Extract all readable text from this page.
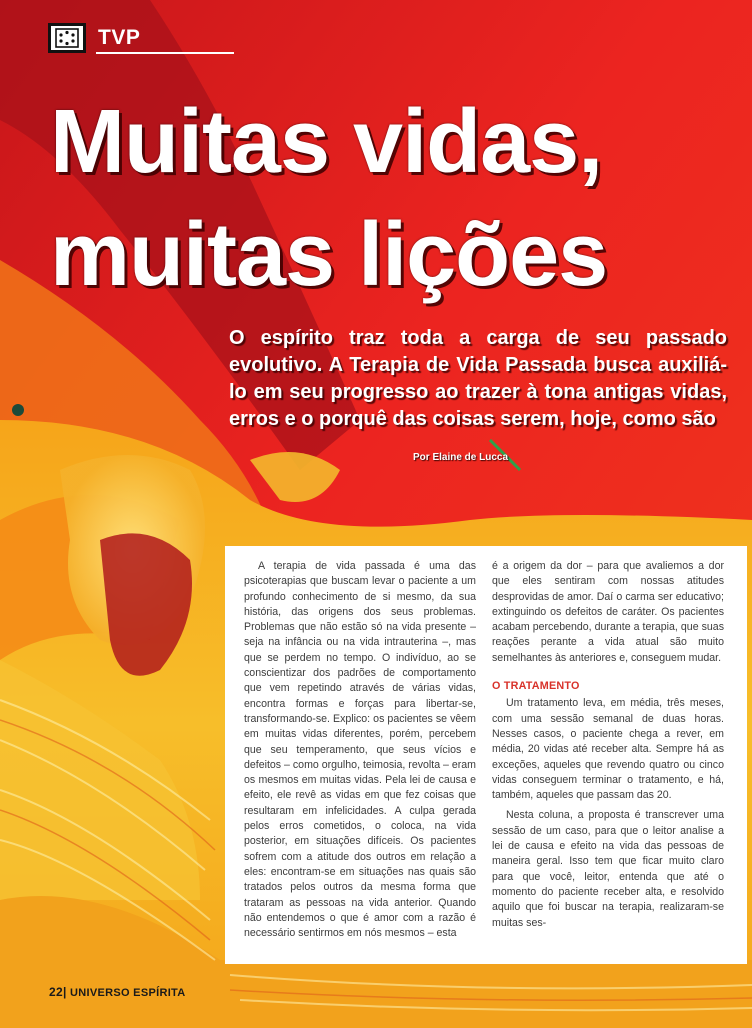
TVP
Muitas vidas,
muitas lições

O espírito traz toda a carga de seu passado evolutivo. A Terapia de Vida Passada busca auxiliá-lo em seu progresso ao trazer à tona antigas vidas, erros e o porquê das coisas serem, hoje, como são

Por Elaine de Lucca

A terapia de vida passada é uma das psicoterapias que buscam levar o paciente a um profundo conhecimento de si mesmo, da sua história, das origens dos seus problemas. Problemas que não estão só na vida presente – seja na infância ou na vida intrauterina –, mas que se perdem no tempo. O indivíduo, ao se conscientizar dos padrões de comportamento que vem repetindo através de várias vidas, encontra formas e forças para libertar-se, transformando-se. Explico: os pacientes se vêem em muitas vidas diferentes, porém, percebem que seu temperamento, que seus vícios e defeitos – como orgulho, teimosia, revolta – eram os mesmos em muitas vidas. Pela lei de causa e efeito, ele revê as vidas em que fez coisas que resultaram em infelicidades. A culpa gerada pelos erros cometidos, o coloca, na vida posterior, em situações difíceis. Os pacientes sofrem com a atitude dos outros em relação a eles: encontram-se em situações nas quais são tratados pelos outros da mesma forma que trataram as pessoas na vida anterior. Quando não entendemos o que é amor com a razão é necessário sentirmos em nós mesmos – esta

é a origem da dor – para que avaliemos a dor que eles sentiram com nossas atitudes desprovidas de amor. Daí o carma ser educativo; extinguindo os defeitos de caráter. Os pacientes acabam percebendo, durante a terapia, que suas reações perante a vida atual são muito semelhantes às anteriores e, conseguem mudar.

O TRATAMENTO

Um tratamento leva, em média, três meses, com uma sessão semanal de duas horas. Nesses casos, o paciente chega a rever, em média, 20 vidas até receber alta. Sempre há as exceções, aqueles que revendo quatro ou cinco vidas conseguem terminar o tratamento, e há, também, aqueles que passam das 20.

Nesta coluna, a proposta é transcrever uma sessão de um caso, para que o leitor analise a lei de causa e efeito na vida das pessoas de maneira geral. Isso tem que ficar muito claro para que você, leitor, entenda que até o momento do paciente receber alta, e resolvido aquilo que foi buscar na terapia, realizaram-se muitas ses-

22| UNIVERSO ESPÍRITA
